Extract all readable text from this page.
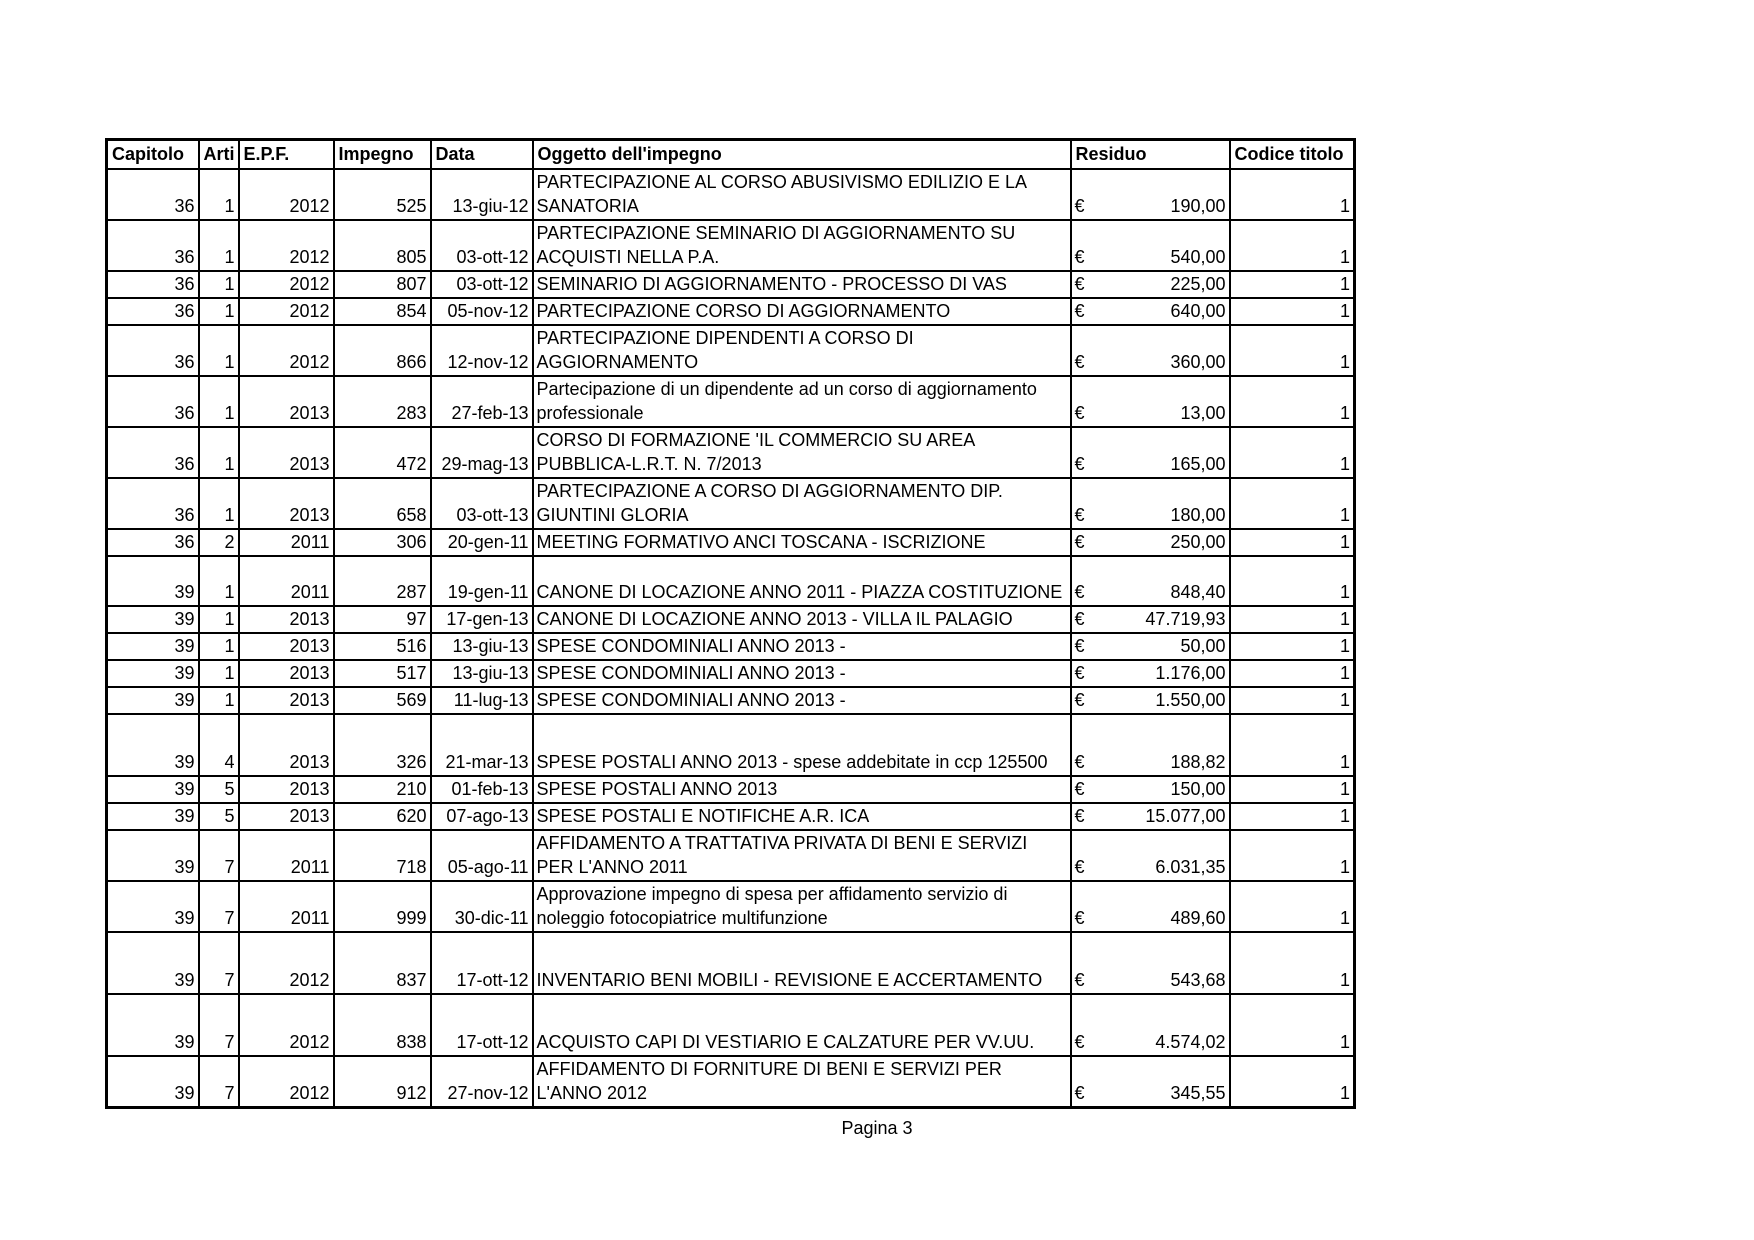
Capitolo	Arti	E.P.F.	Impegno	Data	Oggetto dell'impegno	Residuo	Codice titolo
36	1	2012	525	13-giu-12	PARTECIPAZIONE AL CORSO ABUSIVISMO EDILIZIO E LA SANATORIA	€ 190,00	1
36	1	2012	805	03-ott-12	PARTECIPAZIONE SEMINARIO DI AGGIORNAMENTO SU ACQUISTI NELLA P.A.	€ 540,00	1
36	1	2012	807	03-ott-12	SEMINARIO DI AGGIORNAMENTO - PROCESSO DI VAS	€ 225,00	1
36	1	2012	854	05-nov-12	PARTECIPAZIONE CORSO DI AGGIORNAMENTO	€ 640,00	1
36	1	2012	866	12-nov-12	PARTECIPAZIONE DIPENDENTI A CORSO DI AGGIORNAMENTO	€ 360,00	1
36	1	2013	283	27-feb-13	Partecipazione di un dipendente ad un corso di aggiornamento professionale	€ 13,00	1
36	1	2013	472	29-mag-13	CORSO DI FORMAZIONE 'IL COMMERCIO SU AREA PUBBLICA-L.R.T. N. 7/2013	€ 165,00	1
36	1	2013	658	03-ott-13	PARTECIPAZIONE A CORSO DI AGGIORNAMENTO DIP. GIUNTINI GLORIA	€ 180,00	1
36	2	2011	306	20-gen-11	MEETING FORMATIVO ANCI TOSCANA - ISCRIZIONE	€ 250,00	1
39	1	2011	287	19-gen-11	CANONE DI LOCAZIONE ANNO 2011 - PIAZZA COSTITUZIONE	€ 848,40	1
39	1	2013	97	17-gen-13	CANONE DI LOCAZIONE ANNO 2013 - VILLA IL PALAGIO	€ 47.719,93	1
39	1	2013	516	13-giu-13	SPESE CONDOMINIALI ANNO 2013 -	€ 50,00	1
39	1	2013	517	13-giu-13	SPESE CONDOMINIALI ANNO 2013 -	€ 1.176,00	1
39	1	2013	569	11-lug-13	SPESE CONDOMINIALI ANNO 2013 -	€ 1.550,00	1
39	4	2013	326	21-mar-13	SPESE POSTALI ANNO 2013 - spese addebitate in ccp 125500	€ 188,82	1
39	5	2013	210	01-feb-13	SPESE POSTALI ANNO 2013	€ 150,00	1
39	5	2013	620	07-ago-13	SPESE POSTALI E NOTIFICHE A.R. ICA	€ 15.077,00	1
39	7	2011	718	05-ago-11	AFFIDAMENTO A TRATTATIVA PRIVATA DI BENI E SERVIZI PER L'ANNO 2011	€ 6.031,35	1
39	7	2011	999	30-dic-11	Approvazione impegno di spesa per affidamento servizio di noleggio fotocopiatrice multifunzione	€ 489,60	1
39	7	2012	837	17-ott-12	INVENTARIO BENI MOBILI - REVISIONE E ACCERTAMENTO	€ 543,68	1
39	7	2012	838	17-ott-12	ACQUISTO CAPI DI VESTIARIO E CALZATURE PER VV.UU.	€ 4.574,02	1
39	7	2012	912	27-nov-12	AFFIDAMENTO DI FORNITURE DI BENI E SERVIZI PER L'ANNO 2012	€ 345,55	1
Pagina 3
